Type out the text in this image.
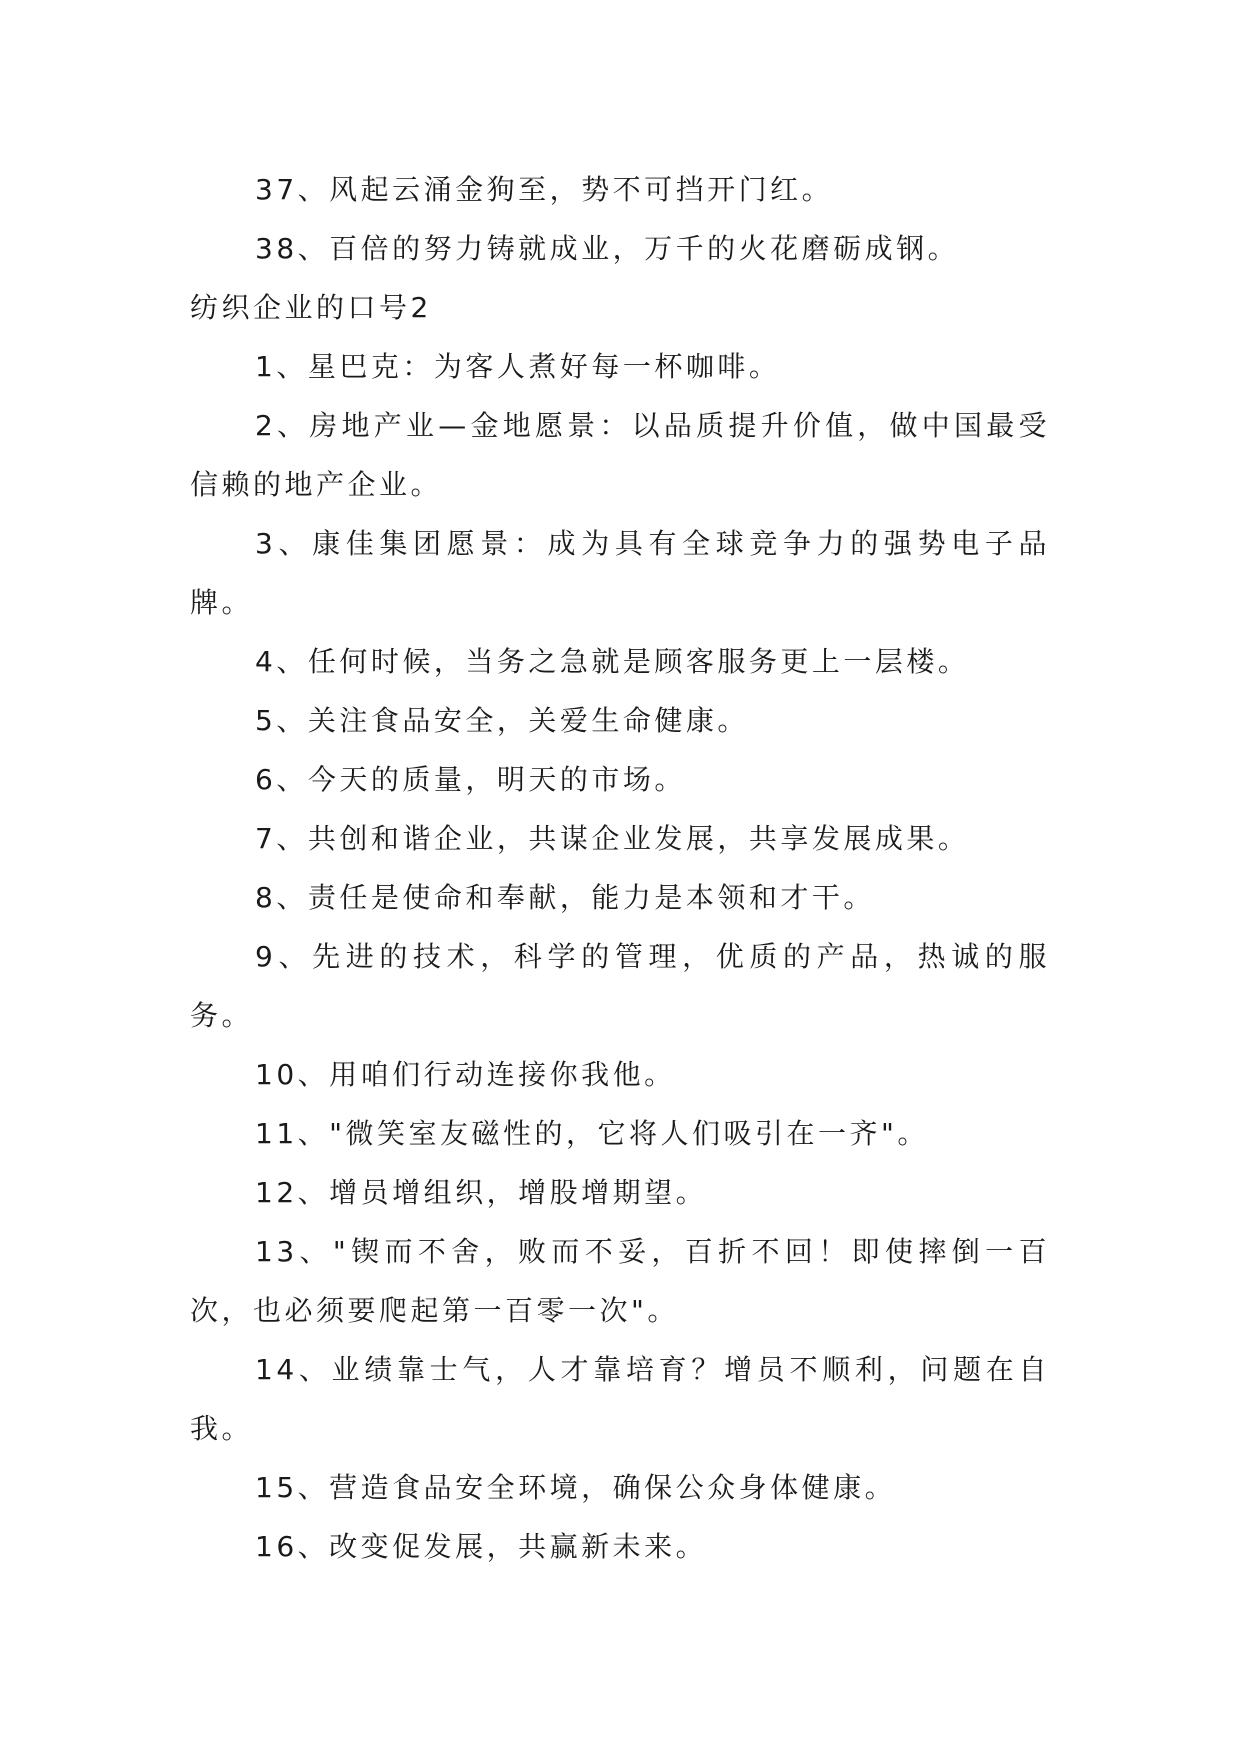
37、风起云涌金狗至，势不可挡开门红。

38、百倍的努力铸就成业，万千的火花磨砺成钢。

纺织企业的口号2

1、星巴克：为客人煮好每一杯咖啡。

2、房地产业—金地愿景：以品质提升价值，做中国最受信赖的地产企业。

3、康佳集团愿景：成为具有全球竞争力的强势电子品牌。

4、任何时候，当务之急就是顾客服务更上一层楼。

5、关注食品安全，关爱生命健康。

6、今天的质量，明天的市场。

7、共创和谐企业，共谋企业发展，共享发展成果。

8、责任是使命和奉献，能力是本领和才干。

9、先进的技术，科学的管理，优质的产品，热诚的服务。

10、用咱们行动连接你我他。

11、"微笑室友磁性的，它将人们吸引在一齐"。

12、增员增组织，增股增期望。

13、"锲而不舍，败而不妥，百折不回！即使摔倒一百次，也必须要爬起第一百零一次"。

14、业绩靠士气，人才靠培育？增员不顺利，问题在自我。

15、营造食品安全环境，确保公众身体健康。

16、改变促发展，共赢新未来。
